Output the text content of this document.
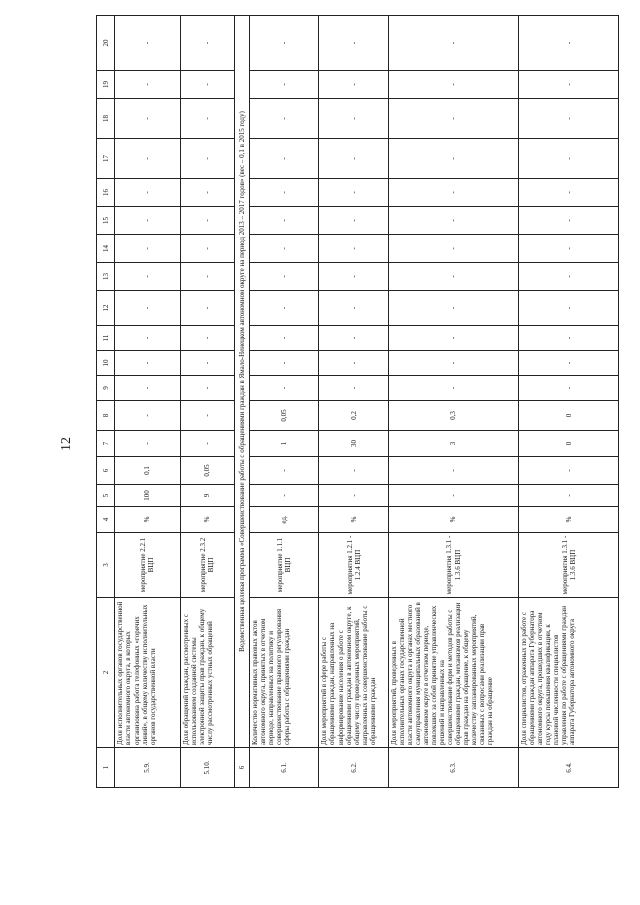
12
1	2	3	4	5	6	7	8	9	10	11	12	13	14	15	16	17	18	19	20	
5.9.	Доля исполнительных органов государственной власти автономного округа, в которых организована работа телефонных «горячих линий», в общему количеству исполнительных органов государственной власти	мероприятие 2.2.1 ВЦП	%	100	0,1	-	-	-	-	-	-	-	-	-	-	-	-	-	-	
5.10.	Доля обращений граждан, рассмотренных с использованием созданной системы электронной защиты прав граждан, к общему числу рассмотренных устных обращений	мероприятие 2.3.2 ВЦП	%	9	0,05	-	-	-	-	-	-	-	-	-	-	-	-	-	-	
6	Ведомственная целевая программа «Совершенствование работы с обращениями граждан в Ямало-Ненецком автономном округе на период 2013 – 2017 годов» (вес – 0,1 в 2015 году)																			
6.1.	Количество нормативных правовых актов автономного округа, принятых в отчетном периоде, направленных на политику и совершенствование правового регулирования сферы работы с обращениями граждан	мероприятие 1.1.1 ВЦП	ед.	-	-	1	0,05	-	-	-	-	-	-	-	-	-	-	-	-	
6.2.	Доля мероприятий в сфере работы с обращениями граждан, направленных на информирование населения о работе с обращениями граждан в автономном округе, к общему числу проведенных мероприятий, направленных на совершенствование работы с обращениями граждан	мероприятия 1.2.1 - 1.2.4 ВЦП	%	-	-	30	0,2	-	-	-	-	-	-	-	-	-	-	-	-	
6.3.	Доля мероприятий, проведенных в исполнительных органах государственной власти автономного округа и органах местного самоуправления муниципальных образований в автономном округе в отчетном периоде, повлекших за собой принятие управленческих решений и направленных на совершенствование форм и методов работы с обращениями граждан, механизмов реализации прав граждан на обращение, к общему количеству запланированных мероприятий, связанных с вопросами реализации прав граждан на обращение	мероприятия 1.3.1 - 1.3.6 ВЦП	%	-	-	3	0,3	-	-	-	-	-	-	-	-	-	-	-	-	
6.4.	Доля специалистов, отраженных по работе с обращениями граждан аппарата Губернатора автономного округа, прошедших в отчетном году курсы повышения квалификации, к плановой численности специалистов управления по работе с обращениями граждан аппарата Губернатора автономного округа	мероприятия 1.3.1 - 1.3.6 ВЦП	%	-	-	0	0	-	-	-	-	-	-	-	-	-	-	-	-	
